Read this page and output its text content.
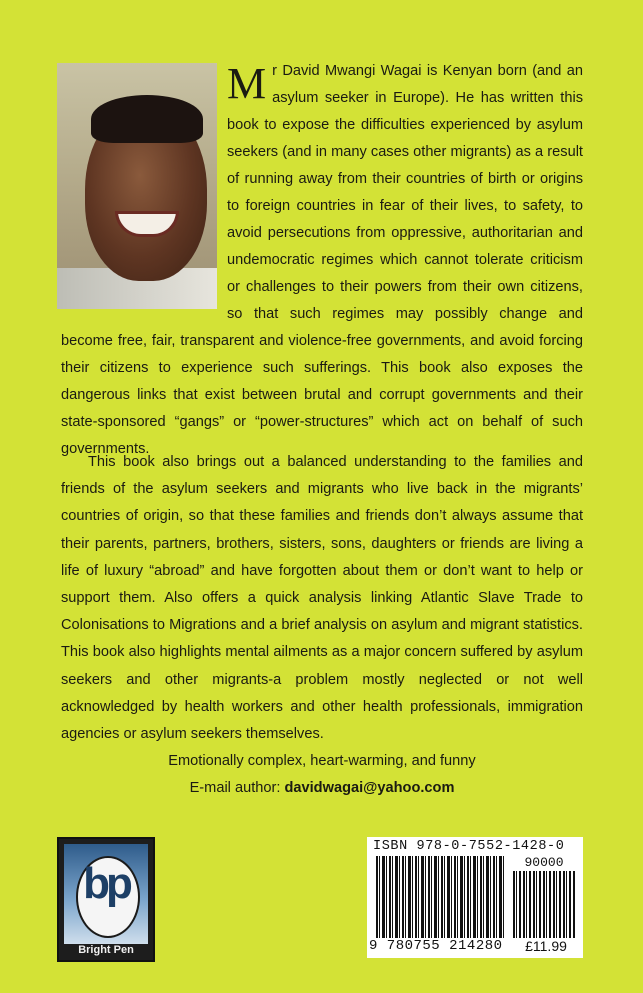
M r David Mwangi Wagai is Kenyan born (and an asylum seeker in Europe). He has written this book to expose the difficulties experienced by asylum seekers (and in many cases other migrants) as a result of running away from their countries of birth or origins to foreign countries in fear of their lives, to safety, to avoid persecutions from oppressive, authoritarian and undemocratic regimes which cannot tolerate criticism or challenges to their powers from their own citizens, so that such regimes may possibly change and become free, fair, transparent and violence-free governments, and avoid forcing their citizens to experience such sufferings. This book also exposes the dangerous links that exist between brutal and corrupt governments and their state-sponsored “gangs” or “power-structures” which act on behalf of such governments.
This book also brings out a balanced understanding to the families and friends of the asylum seekers and migrants who live back in the migrants’ countries of origin, so that these families and friends don’t always assume that their parents, partners, brothers, sisters, sons, daughters or friends are living a life of luxury “abroad” and have forgotten about them or don’t want to help or support them. Also offers a quick analysis linking Atlantic Slave Trade to Colonisations to Migrations and a brief analysis on asylum and migrant statistics. This book also highlights mental ailments as a major concern suffered by asylum seekers and other migrants-a problem mostly neglected or not well acknowledged by health workers and other health professionals, immigration agencies or asylum seekers themselves.
Emotionally complex, heart-warming, and funny
E-mail author: davidwagai@yahoo.com
bp
Bright Pen
ISBN 978-0-7552-1428-0
90000
9 780755 214280	£11.99
